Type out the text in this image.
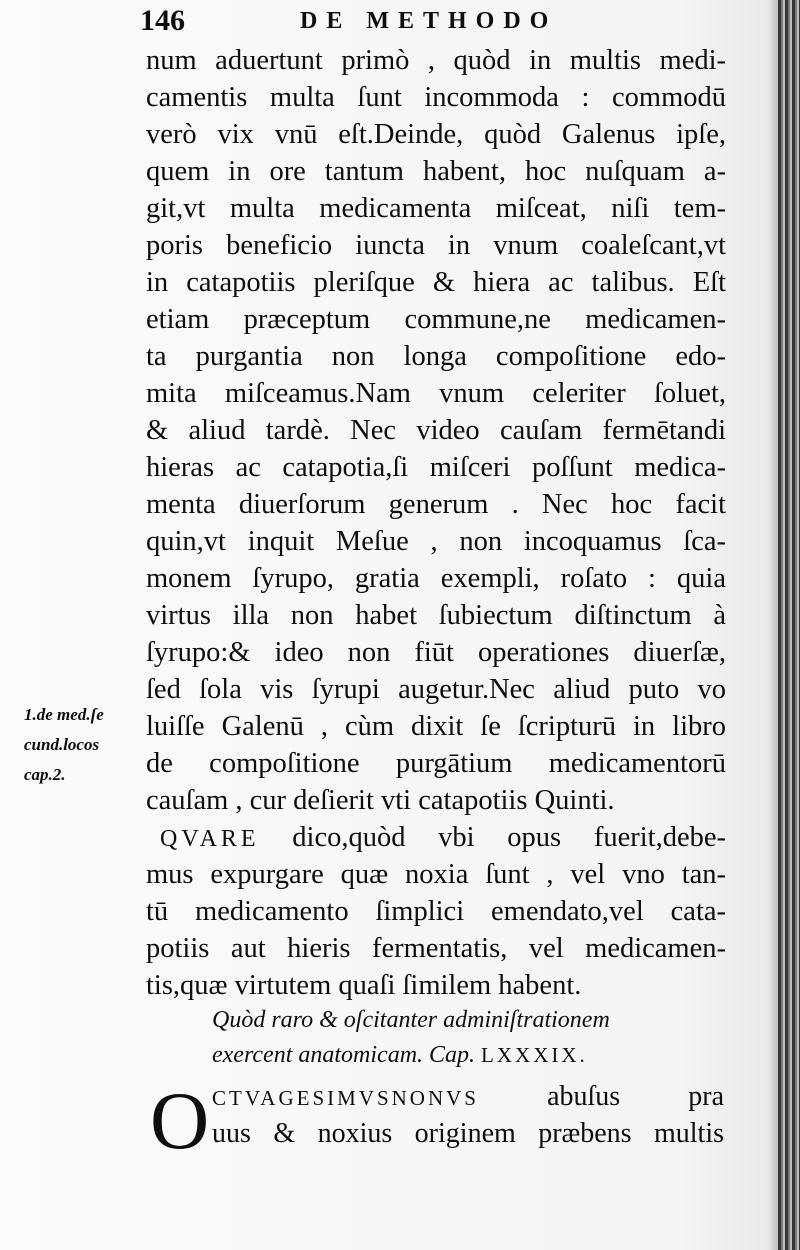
146	DE METHODO
num aduertunt primò , quòd in multis medi-
camentis multa ſunt incommoda : commodū
verò vix vnū eſt.Deinde, quòd Galenus ipſe,
quem in ore tantum habent, hoc nuſquam a-
git,vt multa medicamenta miſceat, niſi tem-
poris beneficio iuncta in vnum coaleſcant,vt
in catapotiis pleriſque & hiera ac talibus. Eſt
etiam præceptum commune,ne medicamen-
ta purgantia non longa compoſitione edo-
mita miſceamus.Nam vnum celeriter ſoluet,
& aliud tardè. Nec video cauſam fermētandi
hieras ac catapotia,ſi miſceri poſſunt medica-
menta diuerſorum generum . Nec hoc facit
quin,vt inquit Meſue , non incoquamus ſca-
monem ſyrupo, gratia exempli, roſato : quia
virtus illa non habet ſubiectum diſtinctum à
ſyrupo:& ideo non fiūt operationes diuerſæ,
ſed ſola vis ſyrupi augetur.Nec aliud puto vo
luiſſe Galenū , cùm dixit ſe ſcripturū in libro
de compoſitione purgātium medicamentorū
cauſam , cur deſierit vti catapotiis Quinti.
QVARE dico,quòd vbi opus fuerit,debe-
mus expurgare quæ noxia ſunt , vel vno tan-
tū medicamento ſimplici emendato,vel cata-
potiis aut hieris fermentatis, vel medicamen-
tis,quæ virtutem quaſi ſimilem habent.
Quòd raro & oſcitanter adminiſtrationem
exercent anatomicam. Cap. LXXXIX.
O CTVAGESIMVSNONVS abuſus pra
uus & noxius originem præbens multis
1.de med.ſe
cund.locos
cap.2.
